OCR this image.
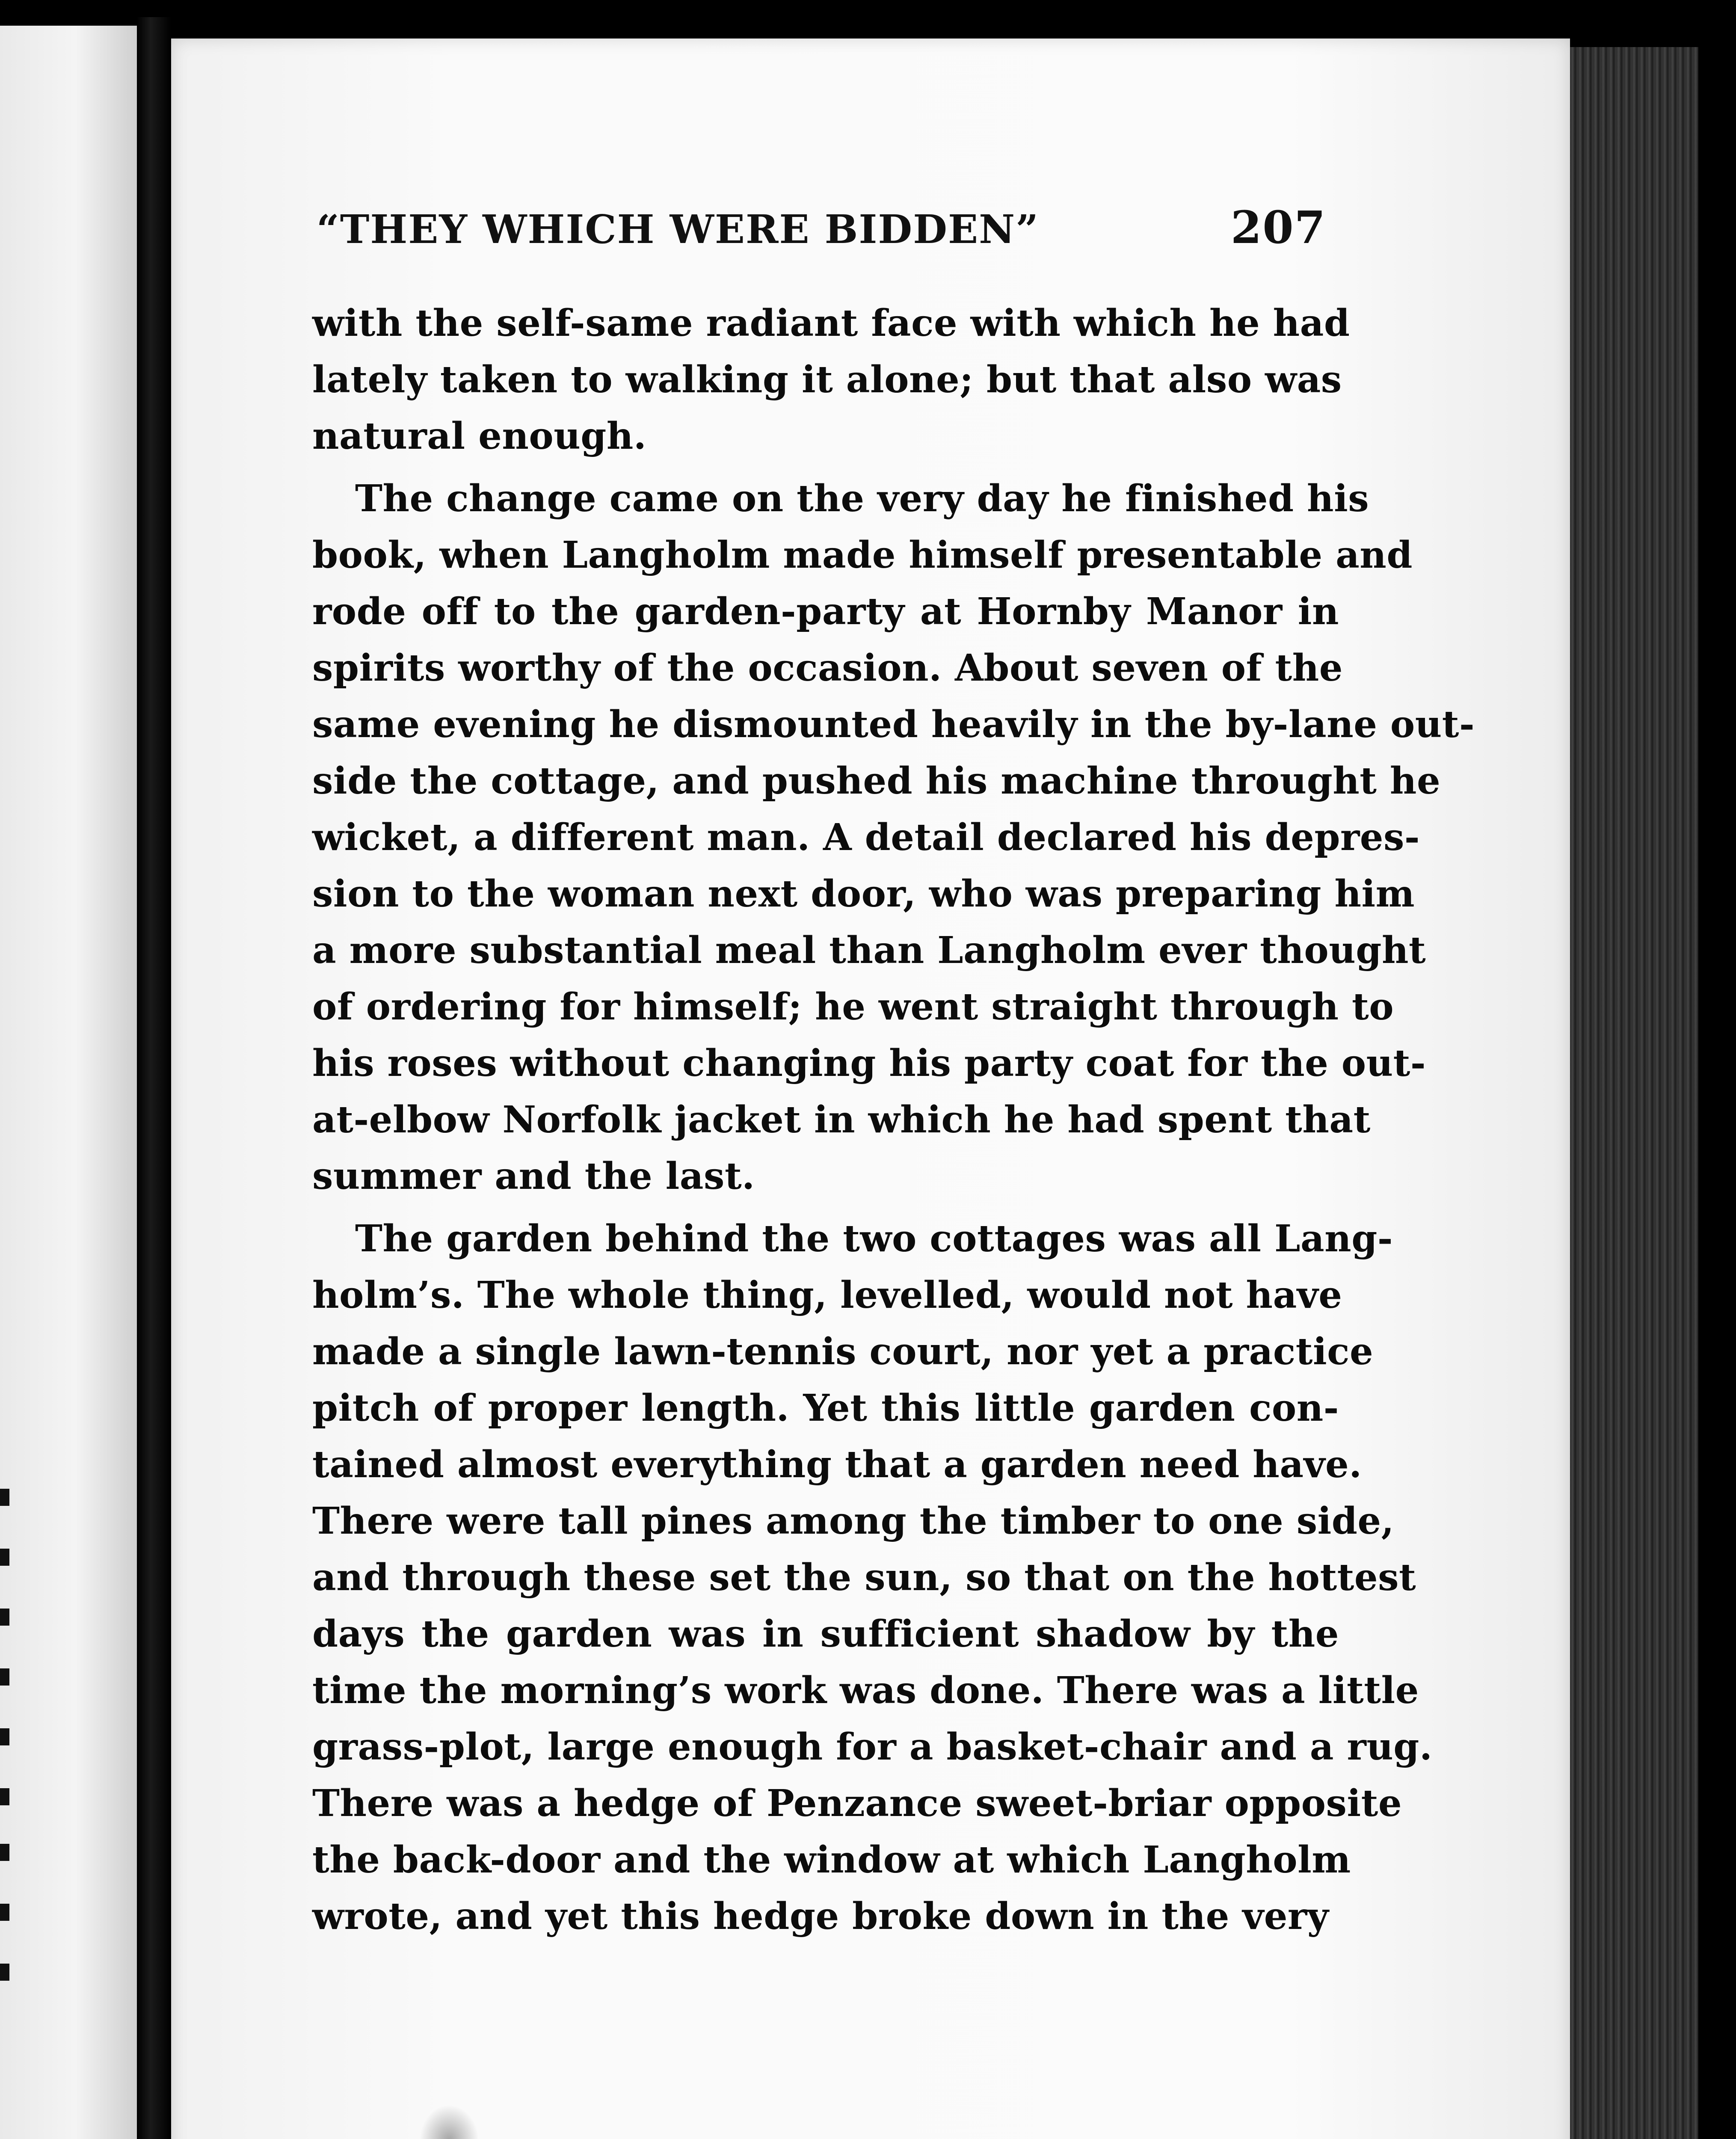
“THEY WHICH WERE BIDDEN”	207
with the self-same radiant face with which he had
lately taken to walking it alone; but that also was
natural enough.
The change came on the very day he finished his
book, when Langholm made himself presentable and
rode off to the garden-party at Hornby Manor in
spirits worthy of the occasion. About seven of the
same evening he dismounted heavily in the by-lane out-
side the cottage, and pushed his machine throught he
wicket, a different man. A detail declared his depres-
sion to the woman next door, who was preparing him
a more substantial meal than Langholm ever thought
of ordering for himself; he went straight through to
his roses without changing his party coat for the out-
at-elbow Norfolk jacket in which he had spent that
summer and the last.
The garden behind the two cottages was all Lang-
holm’s. The whole thing, levelled, would not have
made a single lawn-tennis court, nor yet a practice
pitch of proper length. Yet this little garden con-
tained almost everything that a garden need have.
There were tall pines among the timber to one side,
and through these set the sun, so that on the hottest
days the garden was in sufficient shadow by the
time the morning’s work was done. There was a little
grass-plot, large enough for a basket-chair and a rug.
There was a hedge of Penzance sweet-briar opposite
the back-door and the window at which Langholm
wrote, and yet this hedge broke down in the very
